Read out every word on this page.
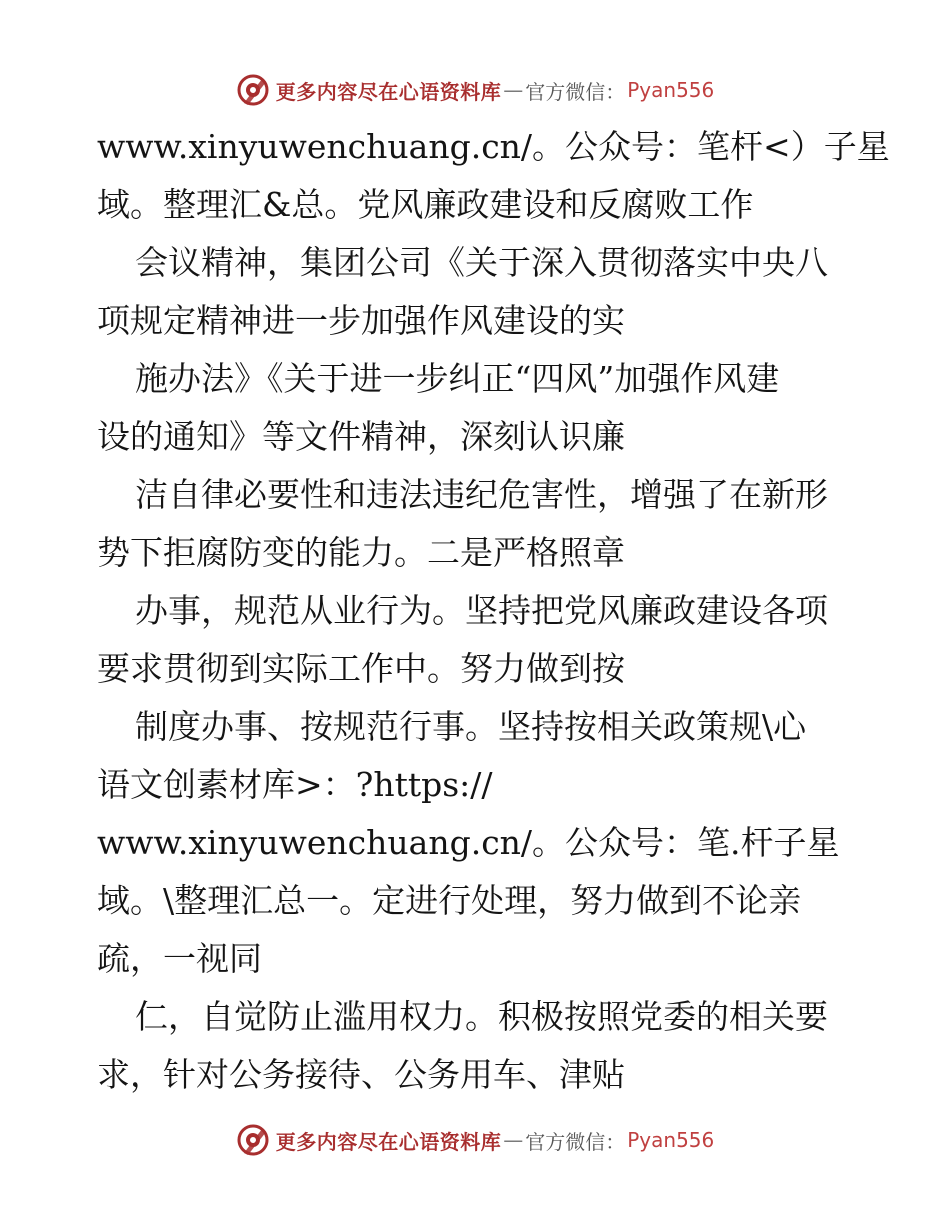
更多内容尽在心语资料库 — 官方微信： Pyan556
www.xinyuwenchuang.cn/。公众号：笔杆<）子星
域。整理汇&总。党风廉政建设和反腐败工作
会议精神，集团公司《关于深入贯彻落实中央八
项规定精神进一步加强作风建设的实
施办法》《关于进一步纠正“四风”加强作风建
设的通知》等文件精神，深刻认识廉
洁自律必要性和违法违纪危害性，增强了在新形
势下拒腐防变的能力。二是严格照章
办事，规范从业行为。坚持把党风廉政建设各项
要求贯彻到实际工作中。努力做到按
制度办事、按规范行事。坚持按相关政策规\心
语文创素材库>：?https://
www.xinyuwenchuang.cn/。公众号：笔.杆子星
域。\整理汇总一。定进行处理，努力做到不论亲
疏，一视同
仁，自觉防止滥用权力。积极按照党委的相关要
求，针对公务接待、公务用车、津贴
更多内容尽在心语资料库 — 官方微信： Pyan556
